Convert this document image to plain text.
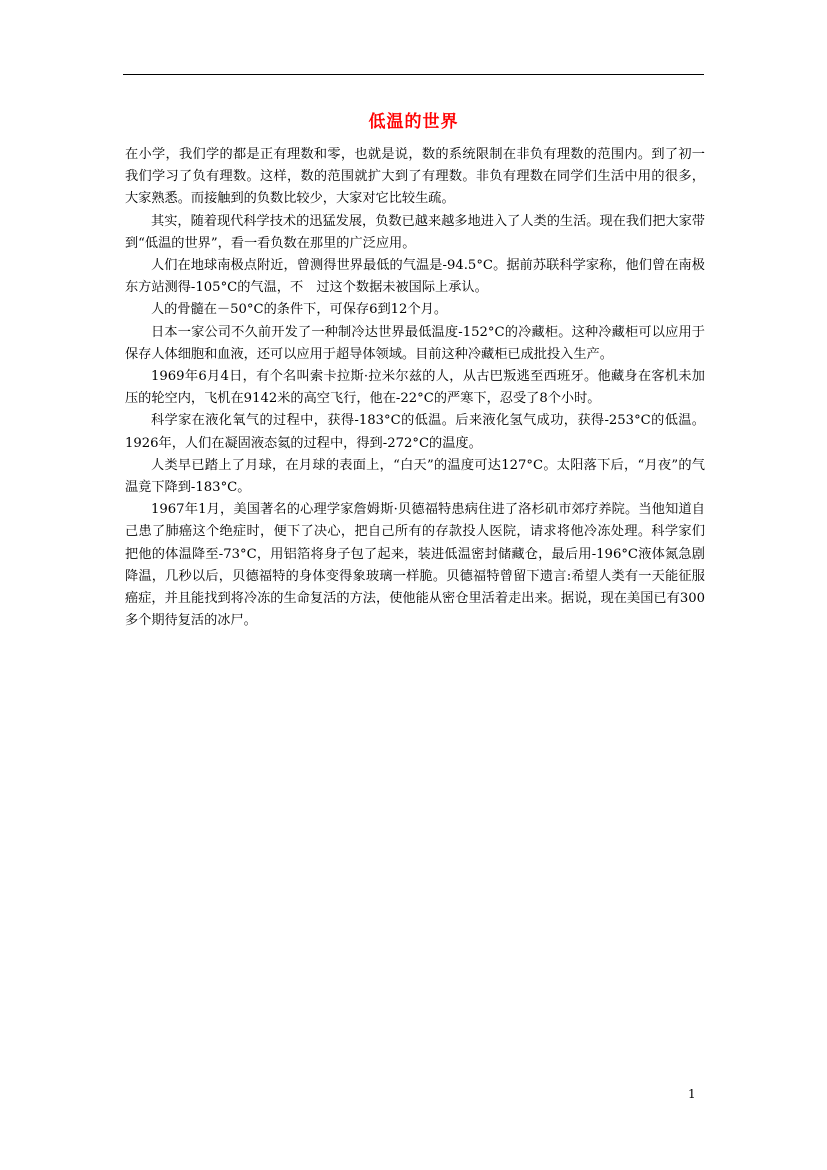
低温的世界

在小学，我们学的都是正有理数和零，也就是说，数的系统限制在非负有理数的范围内。到了初一我们学习了负有理数。这样，数的范围就扩大到了有理数。非负有理数在同学们生活中用的很多，大家熟悉。而接触到的负数比较少，大家对它比较生疏。

其实，随着现代科学技术的迅猛发展，负数已越来越多地进入了人类的生活。现在我们把大家带到“低温的世界”，看一看负数在那里的广泛应用。

人们在地球南极点附近，曾测得世界最低的气温是-94.5°C。据前苏联科学家称，他们曾在南极东方站测得-105°C的气温，不　过这个数据未被国际上承认。

人的骨髓在－50°C的条件下，可保存6到12个月。

日本一家公司不久前开发了一种制冷达世界最低温度-152°C的冷藏柜。这种冷藏柜可以应用于保存人体细胞和血液，还可以应用于超导体领域。目前这种冷藏柜已成批投入生产。

1969年6月4日，有个名叫索卡拉斯·拉米尔兹的人，从古巴叛逃至西班牙。他藏身在客机未加压的轮空内，飞机在9142米的高空飞行，他在-22°C的严寒下，忍受了8个小时。

科学家在液化氧气的过程中，获得-183°C的低温。后来液化氢气成功，获得-253°C的低温。1926年，人们在凝固液态氦的过程中，得到-272°C的温度。

人类早已踏上了月球，在月球的表面上，“白天”的温度可达127°C。太阳落下后，“月夜”的气温竟下降到-183°C。

1967年1月，美国著名的心理学家詹姆斯·贝德福特患病住进了洛杉矶市郊疗养院。当他知道自己患了肺癌这个绝症时，便下了决心，把自己所有的存款投人医院，请求将他冷冻处理。科学家们把他的体温降至-73°C，用铝箔将身子包了起来，装进低温密封储藏仓，最后用-196°C液体氮急剧降温，几秒以后，贝德福特的身体变得象玻璃一样脆。贝德福特曾留下遗言:希望人类有一天能征服癌症，并且能找到将冷冻的生命复活的方法，使他能从密仓里活着走出来。据说，现在美国已有300多个期待复活的冰尸。

1
